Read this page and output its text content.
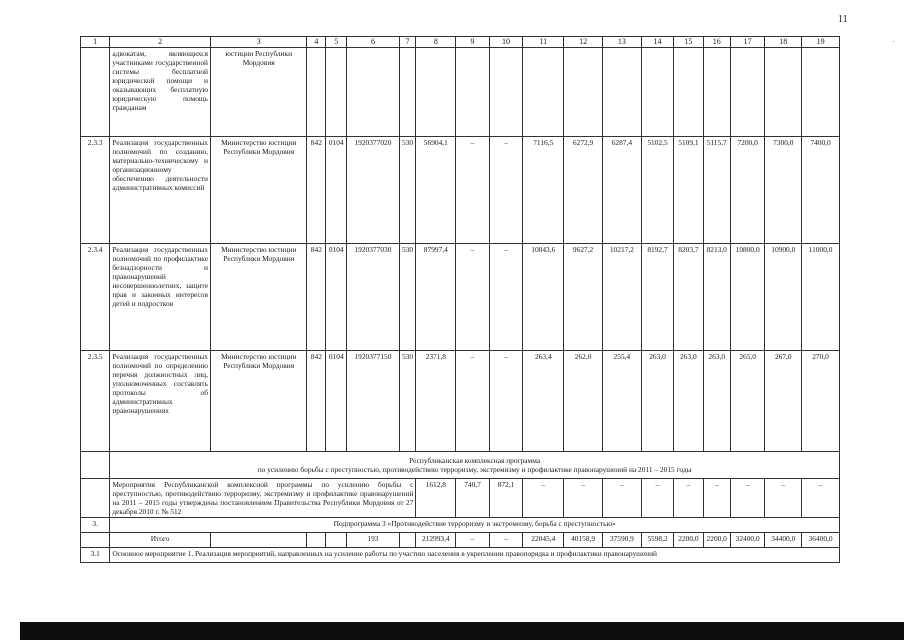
11
1	2	3	4	5	6	7	8	9	10	11	12	13	14	15	16	17	18	19
	адвокатам, являющихся участниками государственной системы бесплатной юридической помощи и оказывающих бесплатную юридическую помощь гражданам	юстиции Республики Мордовия																
2.3.3	Реализация государственных полномочий по созданию, материально-техническому и организационному обеспечению деятельности административных комиссий	Министерство юстиции Республики Мордовия	842	0104	1920377020	530	56904,1	–	–	7116,5	6272,9	6287,4	5102,5	5109,1	5115,7	7200,0	7300,0	7400,0
2.3.4	Реализация государственных полномочий по профилактике безнадзорности и правонарушений несовершеннолетних, защите прав и законных интересов детей и подростков	Министерство юстиции Республики Мордовия	842	0104	1920377030	530	87997,4	–	–	10843,6	9627,2	10217,2	8192,7	8203,7	8213,0	10800,0	10900,0	11000,0
2.3.5	Реализация государственных полномочий по определению перечня должностных лиц, уполномоченных составлять протоколы об административных правонарушениях	Министерство юстиции Республики Мордовия	842	0104	1920377150	530	2371,8	–	–	263,4	262,0	255,4	263,0	263,0	263,0	265,0	267,0	270,0

	Республиканская комплексная программа
по усилению борьбы с преступностью, противодействию терроризму, экстремизму и профилактике правонарушений на 2011 – 2015 годы																	

	Мероприятия Республиканской комплексной программы по усилению борьбы с преступностью, противодействию терроризму, экстремизму и профилактике правонарушений на 2011 – 2015 годы утверждены постановлением Правительства Республики Мордовия от 27 декабря 2010 г. № 512						1612,8	740,7	872,1	–	–	–	–	–	–	–	–	–
3.	Подпрограмма 3 «Противодействие терроризму и экстремизму, борьба с преступностью»																	
	Итого				193		212993,4	–	–	22045,4	40158,9	37590,9	5598,2	2200,0	2200,0	32400,0	34400,0	36400,0
3.1	Основное мероприятие 1. Реализация мероприятий, направленных на усиление работы по участию населения в укреплении правопорядка и профилактики правонарушений																	
